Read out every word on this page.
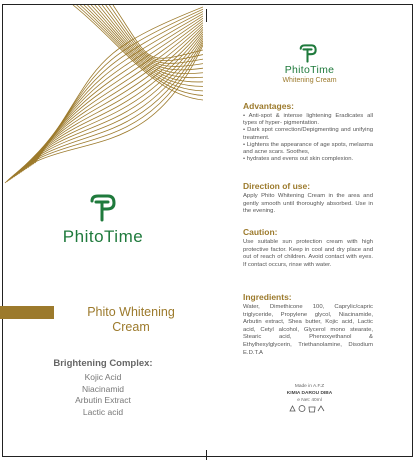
PhitoTime
Phito Whitening
Cream
Brightening Complex:
Kojic Acid
Niacinamid
Arbutin Extract
Lactic acid
PhitoTime
Whitening Cream
Advantages:
• Anti-spot & intense lightening Eradicates all types of hyper- pigmentation.
• Dark spot correction/Depigmenting and unifying treatment.
• Lightens the appearance of age spots, melasma and acne scars. Soothes,
• hydrates and evens out skin complexion.
Direction of use:
Apply Phito Whitening Cream in the area and gently smooth until thoroughly absorbed. Use in the evening.
Caution:
Use suitable sun protection cream with high protective factor. Keep in cool and dry place and out of reach of children. Avoid contact with eyes. If contact occurs, rinse with water.
Ingredients:
Water, Dimethicone 100, Caprylic/capric triglyceride, Propylene glycol, Niacinamide, Arbutin extract, Shea butter, Kojic acid, Lactic acid, Cetyl alcohol, Glycerol mono stearate, Stearic acid, Phenoxyethanol & Ethylhexylglycerin, Triethanolamine, Disodium E.D.T.A
Made in A.F.Z
KIMIA DAROU DIBA
e Net: 40ml
